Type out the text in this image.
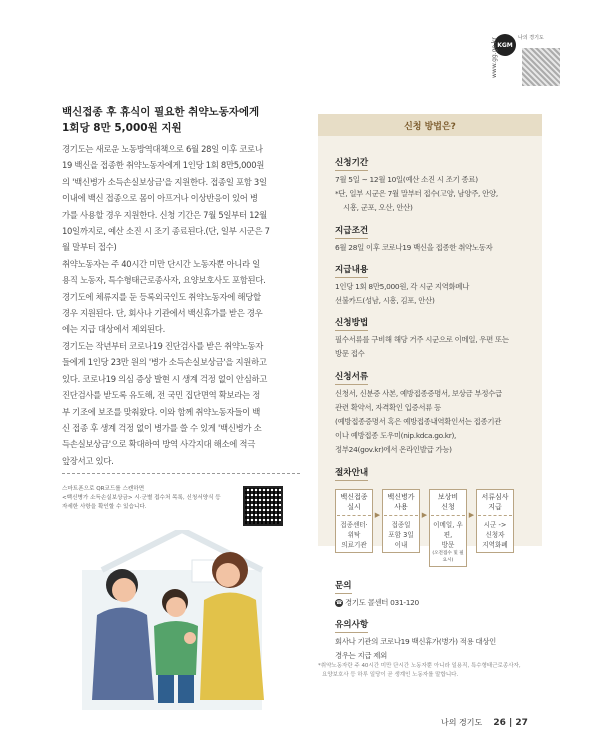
KGM
나의 경기도
www.gg.go.kr
백신접종 후 휴식이 필요한 취약노동자에게
1회당 8만 5,000원 지원

경기도는 새로운 노동방역대책으로 6월 28일 이후 코로나

19 백신을 접종한 취약노동자에게 1인당 1회 8만5,000원

의 '백신병가 소득손실보상금'을 지원한다. 접종일 포함 3일

이내에 백신 접종으로 몸이 아프거나 이상반응이 있어 병

가를 사용할 경우 지원한다. 신청 기간은 7월 5일부터 12월

10일까지로, 예산 소진 시 조기 종료된다.(단, 일부 시군은 7

월 말부터 접수)

취약노동자는 주 40시간 미만 단시간 노동자뿐 아니라 일

용직 노동자, 특수형태근로종사자, 요양보호사도 포함된다.

경기도에 체류지를 둔 등록외국인도 취약노동자에 해당할

경우 지원된다. 단, 회사나 기관에서 백신휴가를 받은 경우

에는 지급 대상에서 제외된다.

경기도는 작년부터 코로나19 진단검사를 받은 취약노동자

들에게 1인당 23만 원의 '병가 소득손실보상금'을 지원하고

있다. 코로나19 의심 증상 발현 시 생계 걱정 없이 안심하고

진단검사를 받도록 유도해, 전 국민 집단면역 확보라는 정

부 기조에 보조를 맞춰왔다. 이와 함께 취약노동자들이 백

신 접종 후 생계 걱정 없이 병가를 쓸 수 있게 '백신병가 소

득손실보상금'으로 확대하여 방역 사각지대 해소에 적극

앞장서고 있다.

스마트폰으로 QR코드를 스캔하면
<백신병가 소득손실보상금> 시·군별 접수처 목록, 신청서양식 등
자세한 사항을 확인할 수 있습니다.
신청 방법은?
신청기간
7월 5일 ~ 12월 10일(예산 소진 시 조기 종료)
*단, 일부 시군은 7월 말부터 접수(고양, 남양주, 안양,
시흥, 군포, 오산, 안산)
지급조건
6월 28일 이후 코로나19 백신을 접종한 취약노동자
지급내용
1인당 1회 8만5,000원, 각 시군 지역화폐나
선불카드(성남, 시흥, 김포, 안산)
신청방법
필수서류를 구비해 해당 거주 시군으로 이메일, 우편 또는
방문 접수
신청서류
신청서, 신분증 사본, 예방접종증명서, 보상금 부정수급
관련 확약서, 자격확인 입증서류 등
(예방접종증명서 혹은 예방접종내역확인서는 접종기관
이나 예방접종 도우미(nip.kdca.go.kr),
정부24(gov.kr)에서 온라인발급 가능)
절차안내
백신접종
실시
접종센터·
위탁
의료기관
▶
백신병가
사용
접종일
포함 3일
이내
▶
보상비
신청
이메일, 우편,
방문
(오전접수 및 필요시)
▶
서류심사
지급
시군 ->
신청자
지역화폐
문의
☎ 경기도 콜센터 031-120
유의사항
회사나 기관의 코로나19 백신휴가(병가) 적용 대상인
경우는 지급 제외
*취약노동자란 주 40시간 미만 단시간 노동자뿐 아니라 일용직, 특수형태근로종사자,
요양보호사 등 하루 일당이 곧 생계인 노동자를 말합니다.
나의 경기도 26 | 27
